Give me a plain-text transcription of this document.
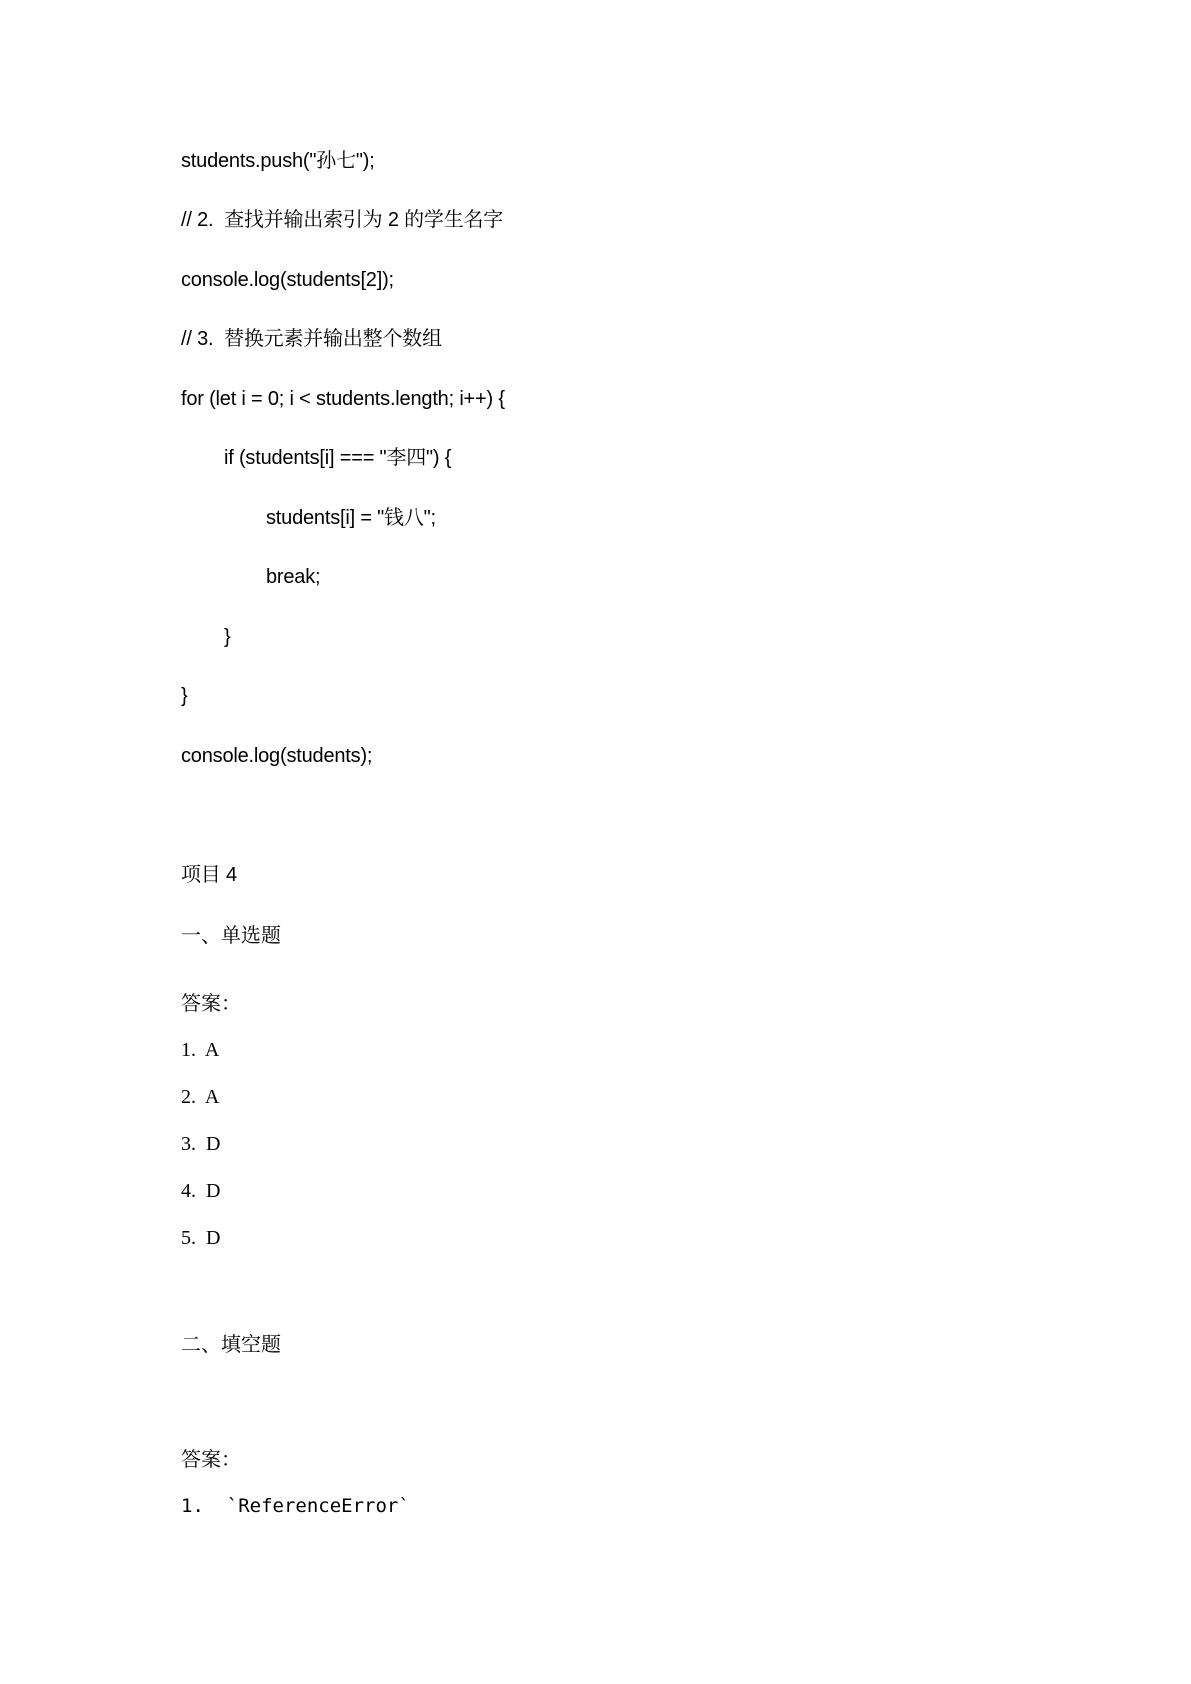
students.push("孙七");
// 2.  查找并输出索引为 2 的学生名字
console.log(students[2]);
// 3.  替换元素并输出整个数组
for (let i = 0; i < students.length; i++) {
if (students[i] === "李四") {
students[i] = "钱八";
break;
}
}
console.log(students);
项目 4
一、单选题
答案：
1.  A
2.  A
3.  D
4.  D
5.  D
二、填空题
答案：
1.  `ReferenceError`
